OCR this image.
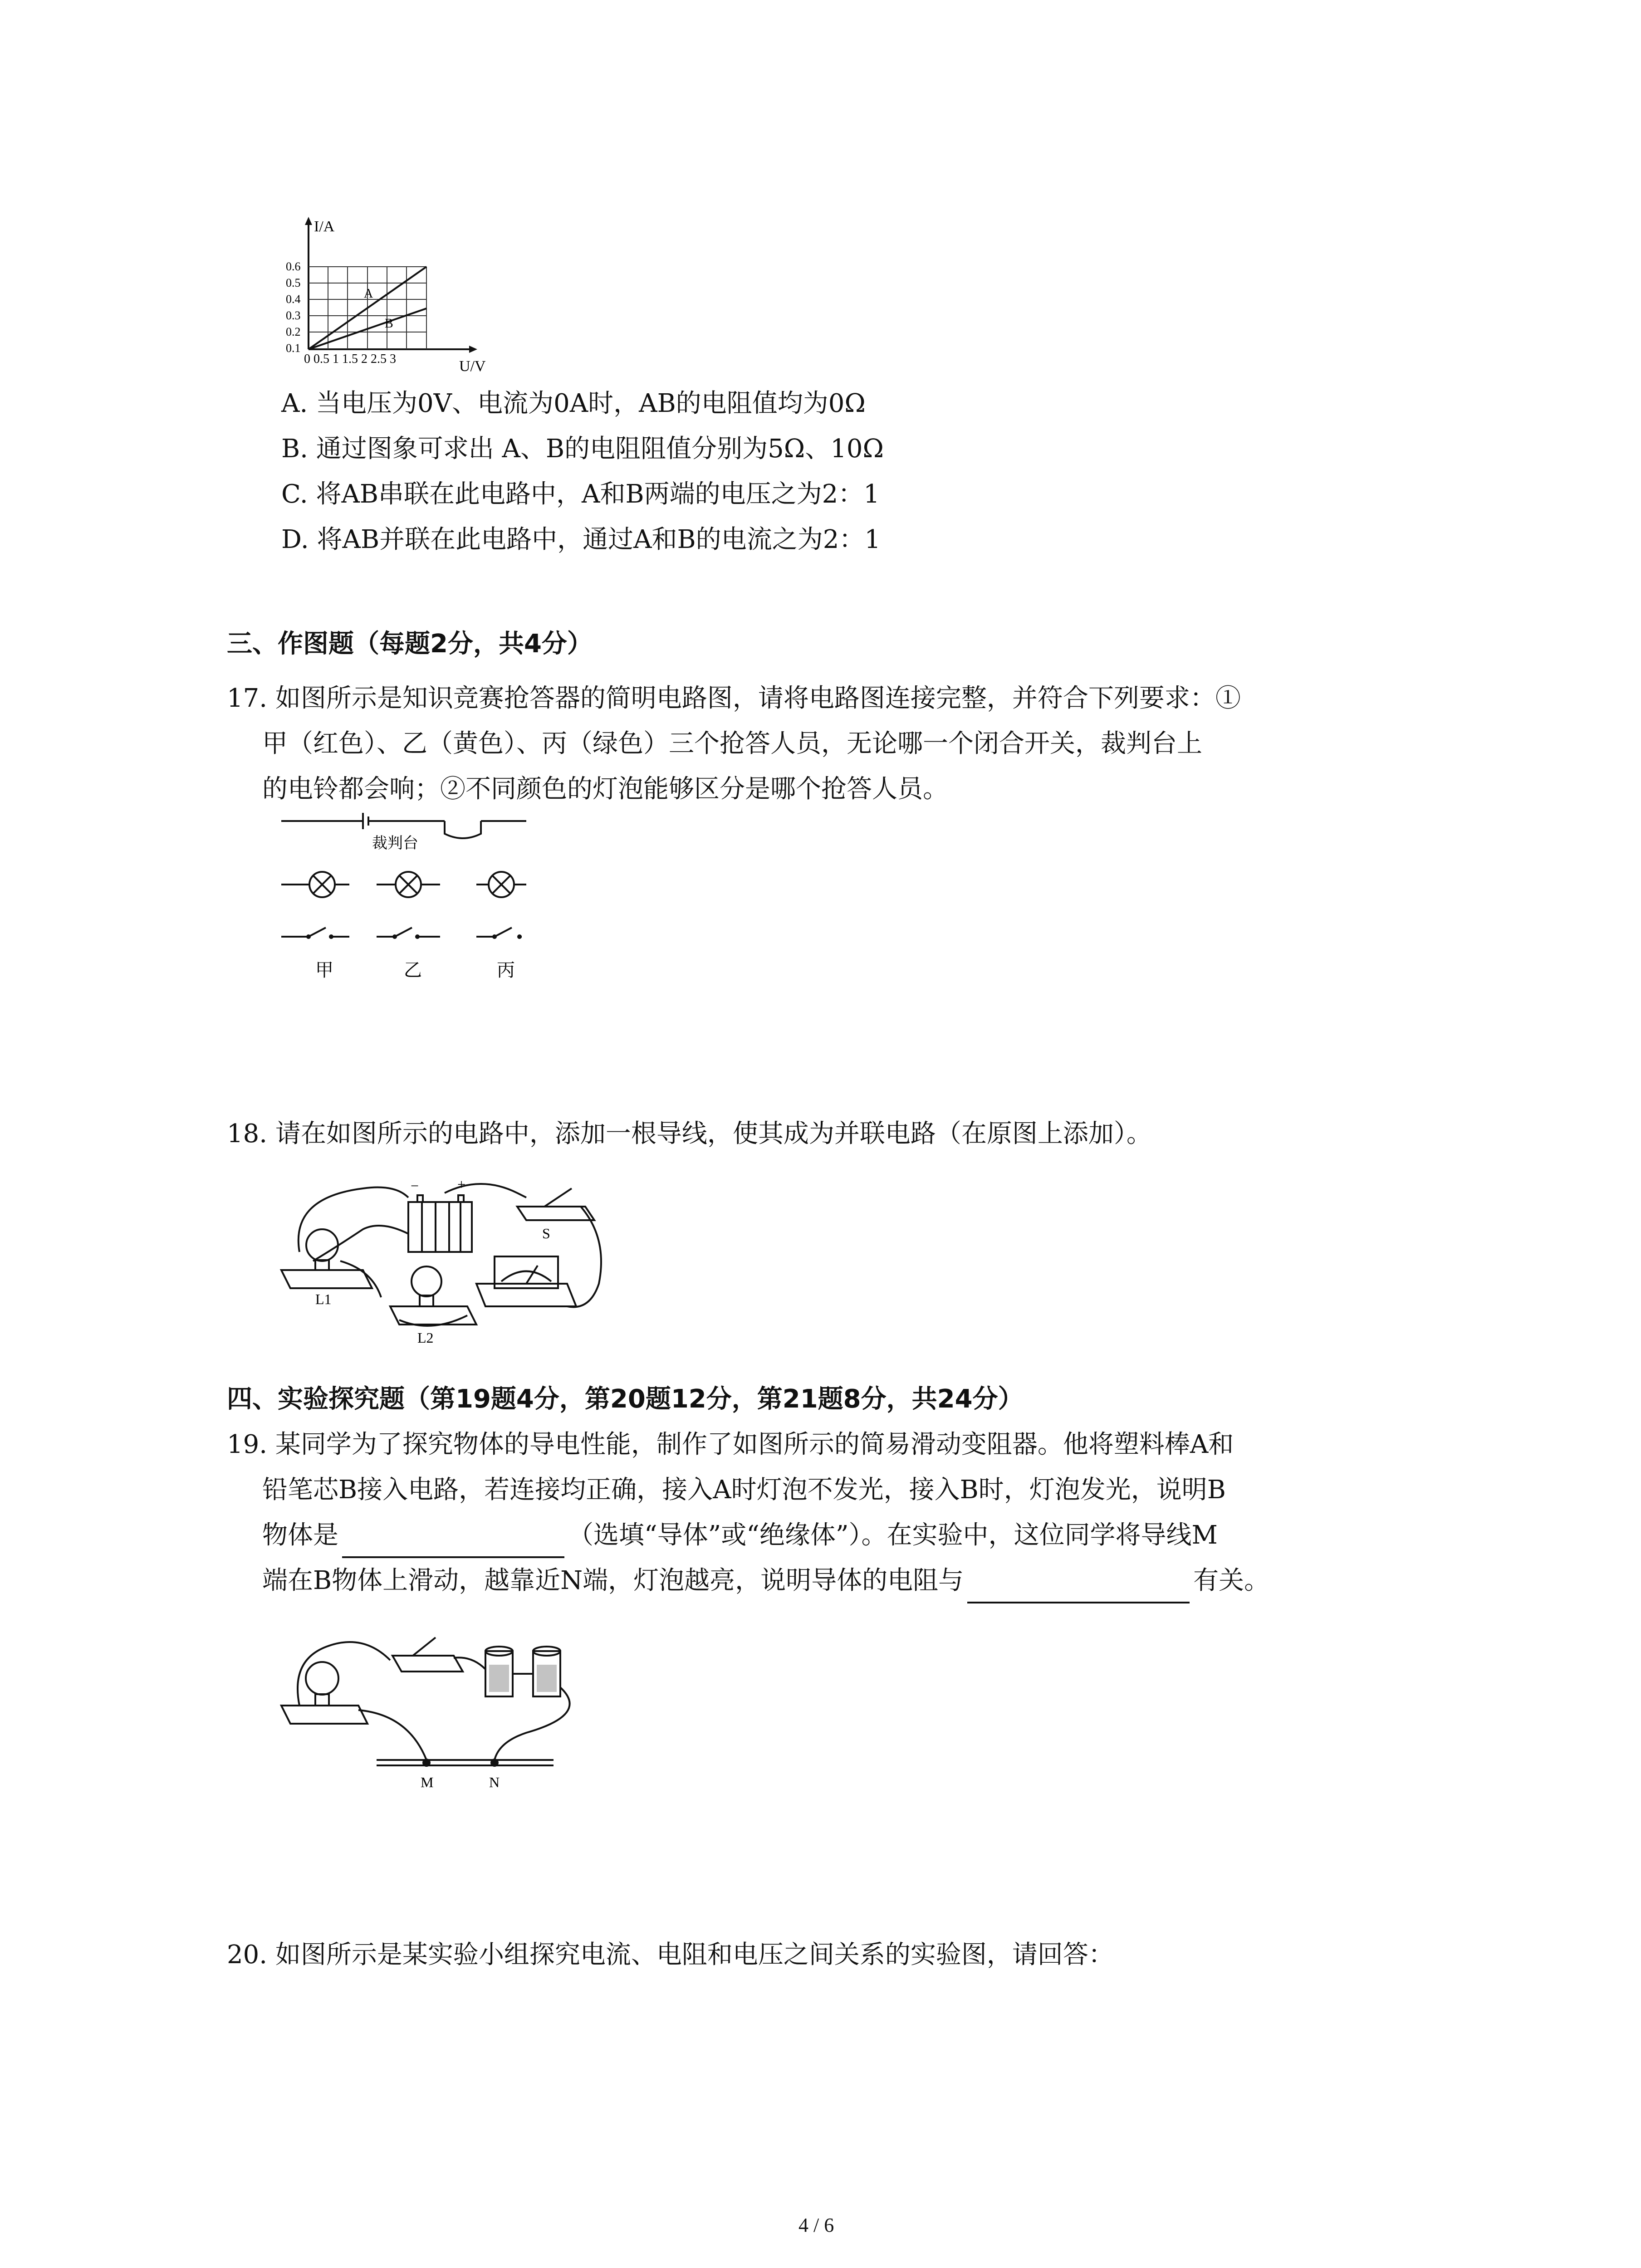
A
B
I/A
U/V
0.6
0.5
0.4
0.3
0.2
0.1
0 0.5 1 1.5 2 2.5 3
A. 当电压为0V、电流为0A时，AB的电阻值均为0Ω
B. 通过图象可求出 A、B的电阻阻值分别为5Ω、10Ω
C. 将AB串联在此电路中，A和B两端的电压之为2：1
D. 将AB并联在此电路中，通过A和B的电流之为2：1
三、作图题（每题2分，共4分）
17. 如图所示是知识竞赛抢答器的简明电路图，请将电路图连接完整，并符合下列要求：①
甲（红色）、乙（黄色）、丙（绿色）三个抢答人员，无论哪一个闭合开关，裁判台上
的电铃都会响；②不同颜色的灯泡能够区分是哪个抢答人员。
裁判台
甲	乙	丙
18. 请在如图所示的电路中，添加一根导线，使其成为并联电路（在原图上添加）。
−	+
S
L1
L2
四、实验探究题（第19题4分，第20题12分，第21题8分，共24分）
19. 某同学为了探究物体的导电性能，制作了如图所示的简易滑动变阻器。他将塑料棒A和
铅笔芯B接入电路，若连接均正确，接入A时灯泡不发光，接入B时，灯泡发光，说明B
物体是	（选填“导体”或“绝缘体”）。在实验中，这位同学将导线M
端在B物体上滑动，越靠近N端，灯泡越亮，说明导体的电阻与	有关。
M	N
20. 如图所示是某实验小组探究电流、电阻和电压之间关系的实验图，请回答：
4 / 6
